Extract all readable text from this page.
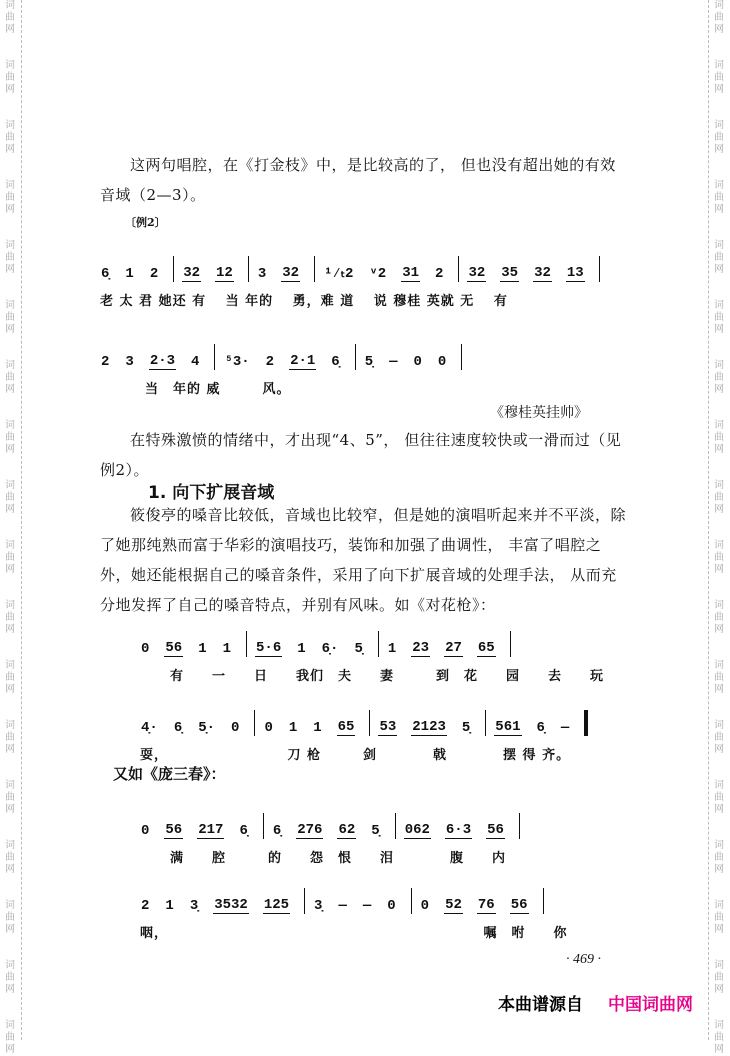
词
曲
网
词
曲
网
词
曲
网
词
曲
网
词
曲
网
词
曲
网
词
曲
网
词
曲
网
词
曲
网
词
曲
网
词
曲
网
词
曲
网
词
曲
网
词
曲
网
词
曲
网
词
曲
网
词
曲
网
词
曲
网
词
曲
网
词
曲
网
词
曲
网
词
曲
网
词
曲
网
词
曲
网
词
曲
网
词
曲
网
词
曲
网
词
曲
网
词
曲
网
词
曲
网
词
曲
网
词
曲
网
词
曲
网
词
曲
网
词
曲
网
词
曲
网
这两句唱腔，在《打金枝》中，是比较高的了， 但也没有超出她的有效音域（2—3）。
〔例2〕
6̣ 1 2 32 12 3 32 ¹⁄ₜ2 ᵛ2 31 2 32 35 32 13
老 太 君 她还 有　 当 年的　 勇，难 道　 说 穆桂 英就 无　 有
2 3 2·3 4 ⁵3· 2 2·1 6̣ 5̣ — 0 0
当　年的 威　　　风。
《穆桂英挂帅》
在特殊激愤的情绪中，才出现“4、5”， 但往往速度较快或一滑而过（见例2）。
1. 向下扩展音域
筱俊亭的嗓音比较低，音域也比较窄，但是她的演唱听起来并不平淡，除了她那纯熟而富于华彩的演唱技巧，装饰和加强了曲调性， 丰富了唱腔之外，她还能根据自己的嗓音条件，采用了向下扩展音域的处理手法， 从而充分地发挥了自己的嗓音特点，并别有风味。如《对花枪》：
0 56 1 1 5·6 1 6̣· 5̣ 1 23 27 65
有　　一　　日　　我们　夫　　妻　　　到　花　　园　　去　　玩
4̣· 6̣ 5̣· 0 0 1 1 65 53 2123 5̣ 561 6̣ —
耍，　　　　　　　　　刀 枪　　　剑　　　　戟　　　　摆 得 齐。
又如《庞三春》：
0 56 217 6̣ 6̣ 276 62 5̣ 062 6·3 56
满　　腔　　　的　　怨　恨　　泪　　　　腹　　内
2 1 3̣ 3532 125 3̣ — — 0 0 52 76 56
咽，　　　　　　　　　　　　　　　　　　　　　　　嘱　咐　　你
· 469 ·
本曲谱源自 中国词曲网
